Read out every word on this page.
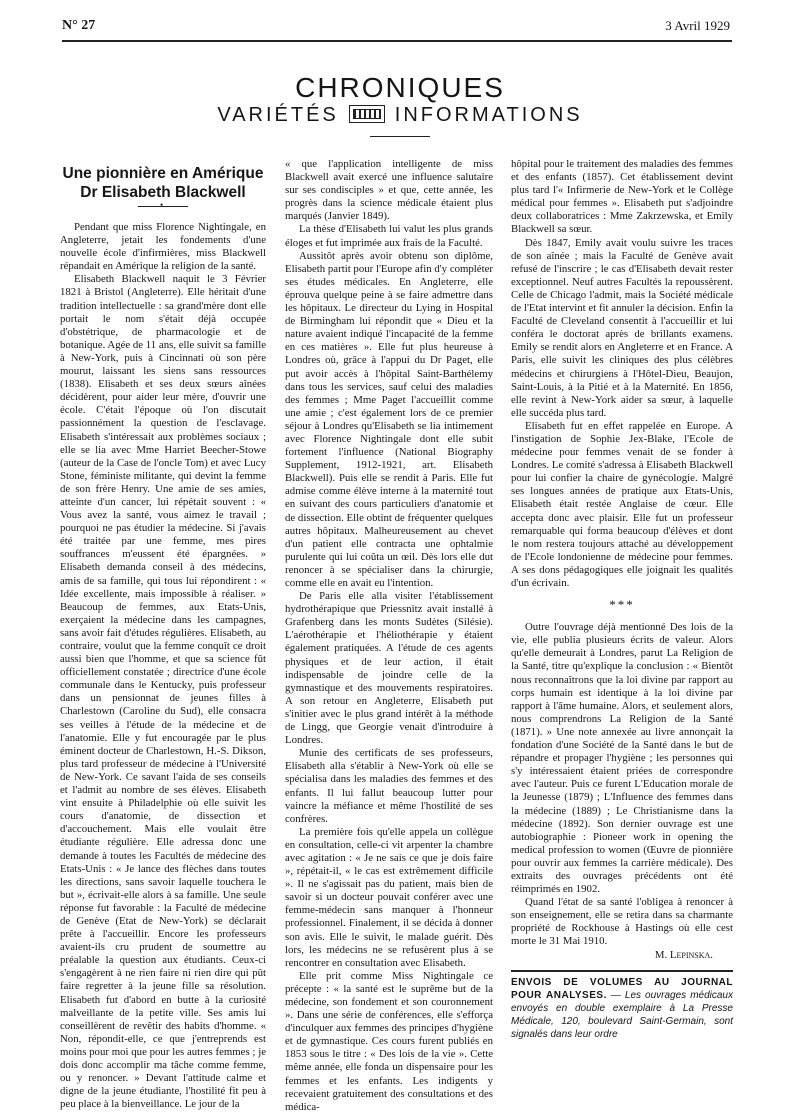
N° 27	3 Avril 1929
CHRONIQUES
VARIÉTÉS	INFORMATIONS
Une pionnière en Amérique
Dr Elisabeth Blackwell
•

Pendant que miss Florence Nightingale, en Angleterre, jetait les fondements d'une nouvelle école d'infirmières, miss Blackwell répandait en Amérique la religion de la santé.

Elisabeth Blackwell naquit le 3 Février 1821 à Bristol (Angleterre). Elle héritait d'une tradition intellectuelle : sa grand'mère dont elle portait le nom s'était déjà occupée d'obstétrique, de pharmacologie et de botanique. Agée de 11 ans, elle suivit sa famille à New-York, puis à Cincinnati où son père mourut, laissant les siens sans ressources (1838). Elisabeth et ses deux sœurs aînées décidèrent, pour aider leur mère, d'ouvrir une école. C'était l'époque où l'on discutait passionnément la question de l'esclavage. Elisabeth s'intéressait aux problèmes sociaux ; elle se lia avec Mme Harriet Beecher-Stowe (auteur de la Case de l'oncle Tom) et avec Lucy Stone, féministe militante, qui devint la femme de son frère Henry. Une amie de ses amies, atteinte d'un cancer, lui répétait souvent : « Vous avez la santé, vous aimez le travail ; pourquoi ne pas étudier la médecine. Si j'avais été traitée par une femme, mes pires souffrances m'eussent été épargnées. » Elisabeth demanda conseil à des médecins, amis de sa famille, qui tous lui répondirent : « Idée excellente, mais impossible à réaliser. » Beaucoup de femmes, aux Etats-Unis, exerçaient la médecine dans les campagnes, sans avoir fait d'études régulières. Elisabeth, au contraire, voulut que la femme conquît ce droit aussi bien que l'homme, et que sa science fût officiellement constatée ; directrice d'une école communale dans le Kentucky, puis professeur dans un pensionnat de jeunes filles à Charlestown (Caroline du Sud), elle consacra ses veilles à l'étude de la médecine et de l'anatomie. Elle y fut encouragée par le plus éminent docteur de Charlestown, H.-S. Dikson, plus tard professeur de médecine à l'Université de New-York. Ce savant l'aida de ses conseils et l'admit au nombre de ses élèves. Elisabeth vint ensuite à Philadelphie où elle suivit les cours d'anatomie, de dissection et d'accouchement. Mais elle voulait être étudiante régulière. Elle adressa donc une demande à toutes les Facultés de médecine des Etats-Unis : « Je lance des flèches dans toutes les directions, sans savoir laquelle touchera le but », écrivait-elle alors à sa famille. Une seule réponse fut favorable : la Faculté de médecine de Genève (Etat de New-York) se déclarait prête à l'accueillir. Encore les professeurs avaient-ils cru prudent de soumettre au préalable la question aux étudiants. Ceux-ci s'engagèrent à ne rien faire ni rien dire qui pût faire regretter à la jeune fille sa résolution. Elisabeth fut d'abord en butte à la curiosité malveillante de la petite ville. Ses amis lui conseillèrent de revêtir des habits d'homme. « Non, répondit-elle, ce que j'entreprends est moins pour moi que pour les autres femmes ; je dois donc accomplir ma tâche comme femme, ou y renoncer. » Devant l'attitude calme et digne de la jeune étudiante, l'hostilité fit peu à peu place à la bienveillance. Le jour de la

« que l'application intelligente de miss Blackwell avait exercé une influence salutaire sur ses condisciples » et que, cette année, les progrès dans la science médicale étaient plus marqués (Janvier 1849).

La thèse d'Elisabeth lui valut les plus grands éloges et fut imprimée aux frais de la Faculté.

Aussitôt après avoir obtenu son diplôme, Elisabeth partit pour l'Europe afin d'y compléter ses études médicales. En Angleterre, elle éprouva quelque peine à se faire admettre dans les hôpitaux. Le directeur du Lying in Hospital de Birmingham lui répondit que « Dieu et la nature avaient indiqué l'incapacité de la femme en ces matières ». Elle fut plus heureuse à Londres où, grâce à l'appui du Dr Paget, elle put avoir accès à l'hôpital Saint-Barthélemy dans tous les services, sauf celui des maladies des femmes ; Mme Paget l'accueillit comme une amie ; c'est également lors de ce premier séjour à Londres qu'Elisabeth se lia intimement avec Florence Nightingale dont elle subit fortement l'influence (National Biography Supplement, 1912-1921, art. Elisabeth Blackwell). Puis elle se rendit à Paris. Elle fut admise comme élève interne à la maternité tout en suivant des cours particuliers d'anatomie et de dissection. Elle obtint de fréquenter quelques autres hôpitaux. Malheureusement au chevet d'un patient elle contracta une ophtalmie purulente qui lui coûta un œil. Dès lors elle dut renoncer à se spécialiser dans la chirurgie, comme elle en avait eu l'intention.

De Paris elle alla visiter l'établissement hydrothérapique que Priessnitz avait installé à Grafenberg dans les monts Sudètes (Silésie). L'aérothérapie et l'héliothérapie y étaient également pratiquées. A l'étude de ces agents physiques et de leur action, il était indispensable de joindre celle de la gymnastique et des mouvements respiratoires. A son retour en Angleterre, Elisabeth put s'initier avec le plus grand intérêt à la méthode de Lingg, que Georgie venait d'introduire à Londres.

Munie des certificats de ses professeurs, Elisabeth alla s'établir à New-York où elle se spécialisa dans les maladies des femmes et des enfants. Il lui fallut beaucoup lutter pour vaincre la méfiance et même l'hostilité de ses confrères.

La première fois qu'elle appela un collègue en consultation, celle-ci vit arpenter la chambre avec agitation : « Je ne sais ce que je dois faire », répétait-il, « le cas est extrêmement difficile ». Il ne s'agissait pas du patient, mais bien de savoir si un docteur pouvait conférer avec une femme-médecin sans manquer à l'honneur professionnel. Finalement, il se décida à donner son avis. Elle le suivit, le malade guérit. Dès lors, les médecins ne se refusèrent plus à se rencontrer en consultation avec Elisabeth.

Elle prit comme Miss Nightingale ce précepte : « la santé est le suprême but de la médecine, son fondement et son couronnement ». Dans une série de conférences, elle s'efforça d'inculquer aux femmes des principes d'hygiène et de gymnastique. Ces cours furent publiés en 1853 sous le titre : « Des lois de la vie ». Cette même année, elle fonda un dispensaire pour les femmes et les enfants. Les indigents y recevaient gratuitement des consultations et des médica-

hôpital pour le traitement des maladies des femmes et des enfants (1857). Cet établissement devint plus tard l'« Infirmerie de New-York et le Collège médical pour femmes ». Elisabeth put s'adjoindre deux collaboratrices : Mme Zakrzewska, et Emily Blackwell sa sœur.

Dès 1847, Emily avait voulu suivre les traces de son aînée ; mais la Faculté de Genève avait refusé de l'inscrire ; le cas d'Elisabeth devait rester exceptionnel. Neuf autres Facultés la repoussèrent. Celle de Chicago l'admit, mais la Société médicale de l'Etat intervint et fit annuler la décision. Enfin la Faculté de Cleveland consentit à l'accueillir et lui conféra le doctorat après de brillants examens. Emily se rendit alors en Angleterre et en France. A Paris, elle suivit les cliniques des plus célèbres médecins et chirurgiens à l'Hôtel-Dieu, Beaujon, Saint-Louis, à la Pitié et à la Maternité. En 1856, elle revint à New-York aider sa sœur, à laquelle elle succéda plus tard.

Elisabeth fut en effet rappelée en Europe. A l'instigation de Sophie Jex-Blake, l'Ecole de médecine pour femmes venait de se fonder à Londres. Le comité s'adressa à Elisabeth Blackwell pour lui confier la chaire de gynécologie. Malgré ses longues années de pratique aux Etats-Unis, Elisabeth était restée Anglaise de cœur. Elle accepta donc avec plaisir. Elle fut un professeur remarquable qui forma beaucoup d'élèves et dont le nom restera toujours attaché au développement de l'Ecole londonienne de médecine pour femmes. A ses dons pédagogiques elle joignait les qualités d'un écrivain.

***

Outre l'ouvrage déjà mentionné Des lois de la vie, elle publia plusieurs écrits de valeur. Alors qu'elle demeurait à Londres, parut La Religion de la Santé, titre qu'explique la conclusion : « Bientôt nous reconnaîtrons que la loi divine par rapport au corps humain est identique à la loi divine par rapport à l'âme humaine. Alors, et seulement alors, nous comprendrons La Religion de la Santé (1871). » Une note annexée au livre annonçait la fondation d'une Société de la Santé dans le but de répandre et propager l'hygiène ; les personnes qui s'y intéressaient étaient priées de correspondre avec l'auteur. Puis ce furent L'Education morale de la Jeunesse (1879) ; L'Influence des femmes dans la médecine (1889) ; Le Christianisme dans la médecine (1892). Son dernier ouvrage est une autobiographie : Pioneer work in opening the medical profession to women (Œuvre de pionnière pour ouvrir aux femmes la carrière médicale). Des extraits des ouvrages précédents ont été réimprimés en 1902.

Quand l'état de sa santé l'obligea à renoncer à son enseignement, elle se retira dans sa charmante propriété de Rockhouse à Hastings où elle cest morte le 31 Mai 1910.

M. Lepinska.
ENVOIS DE VOLUMES AU JOURNAL POUR ANALYSES. — Les ouvrages médicaux envoyés en double exemplaire à La Presse Médicale, 120, boulevard Saint-Germain, sont signalés dans leur ordre
